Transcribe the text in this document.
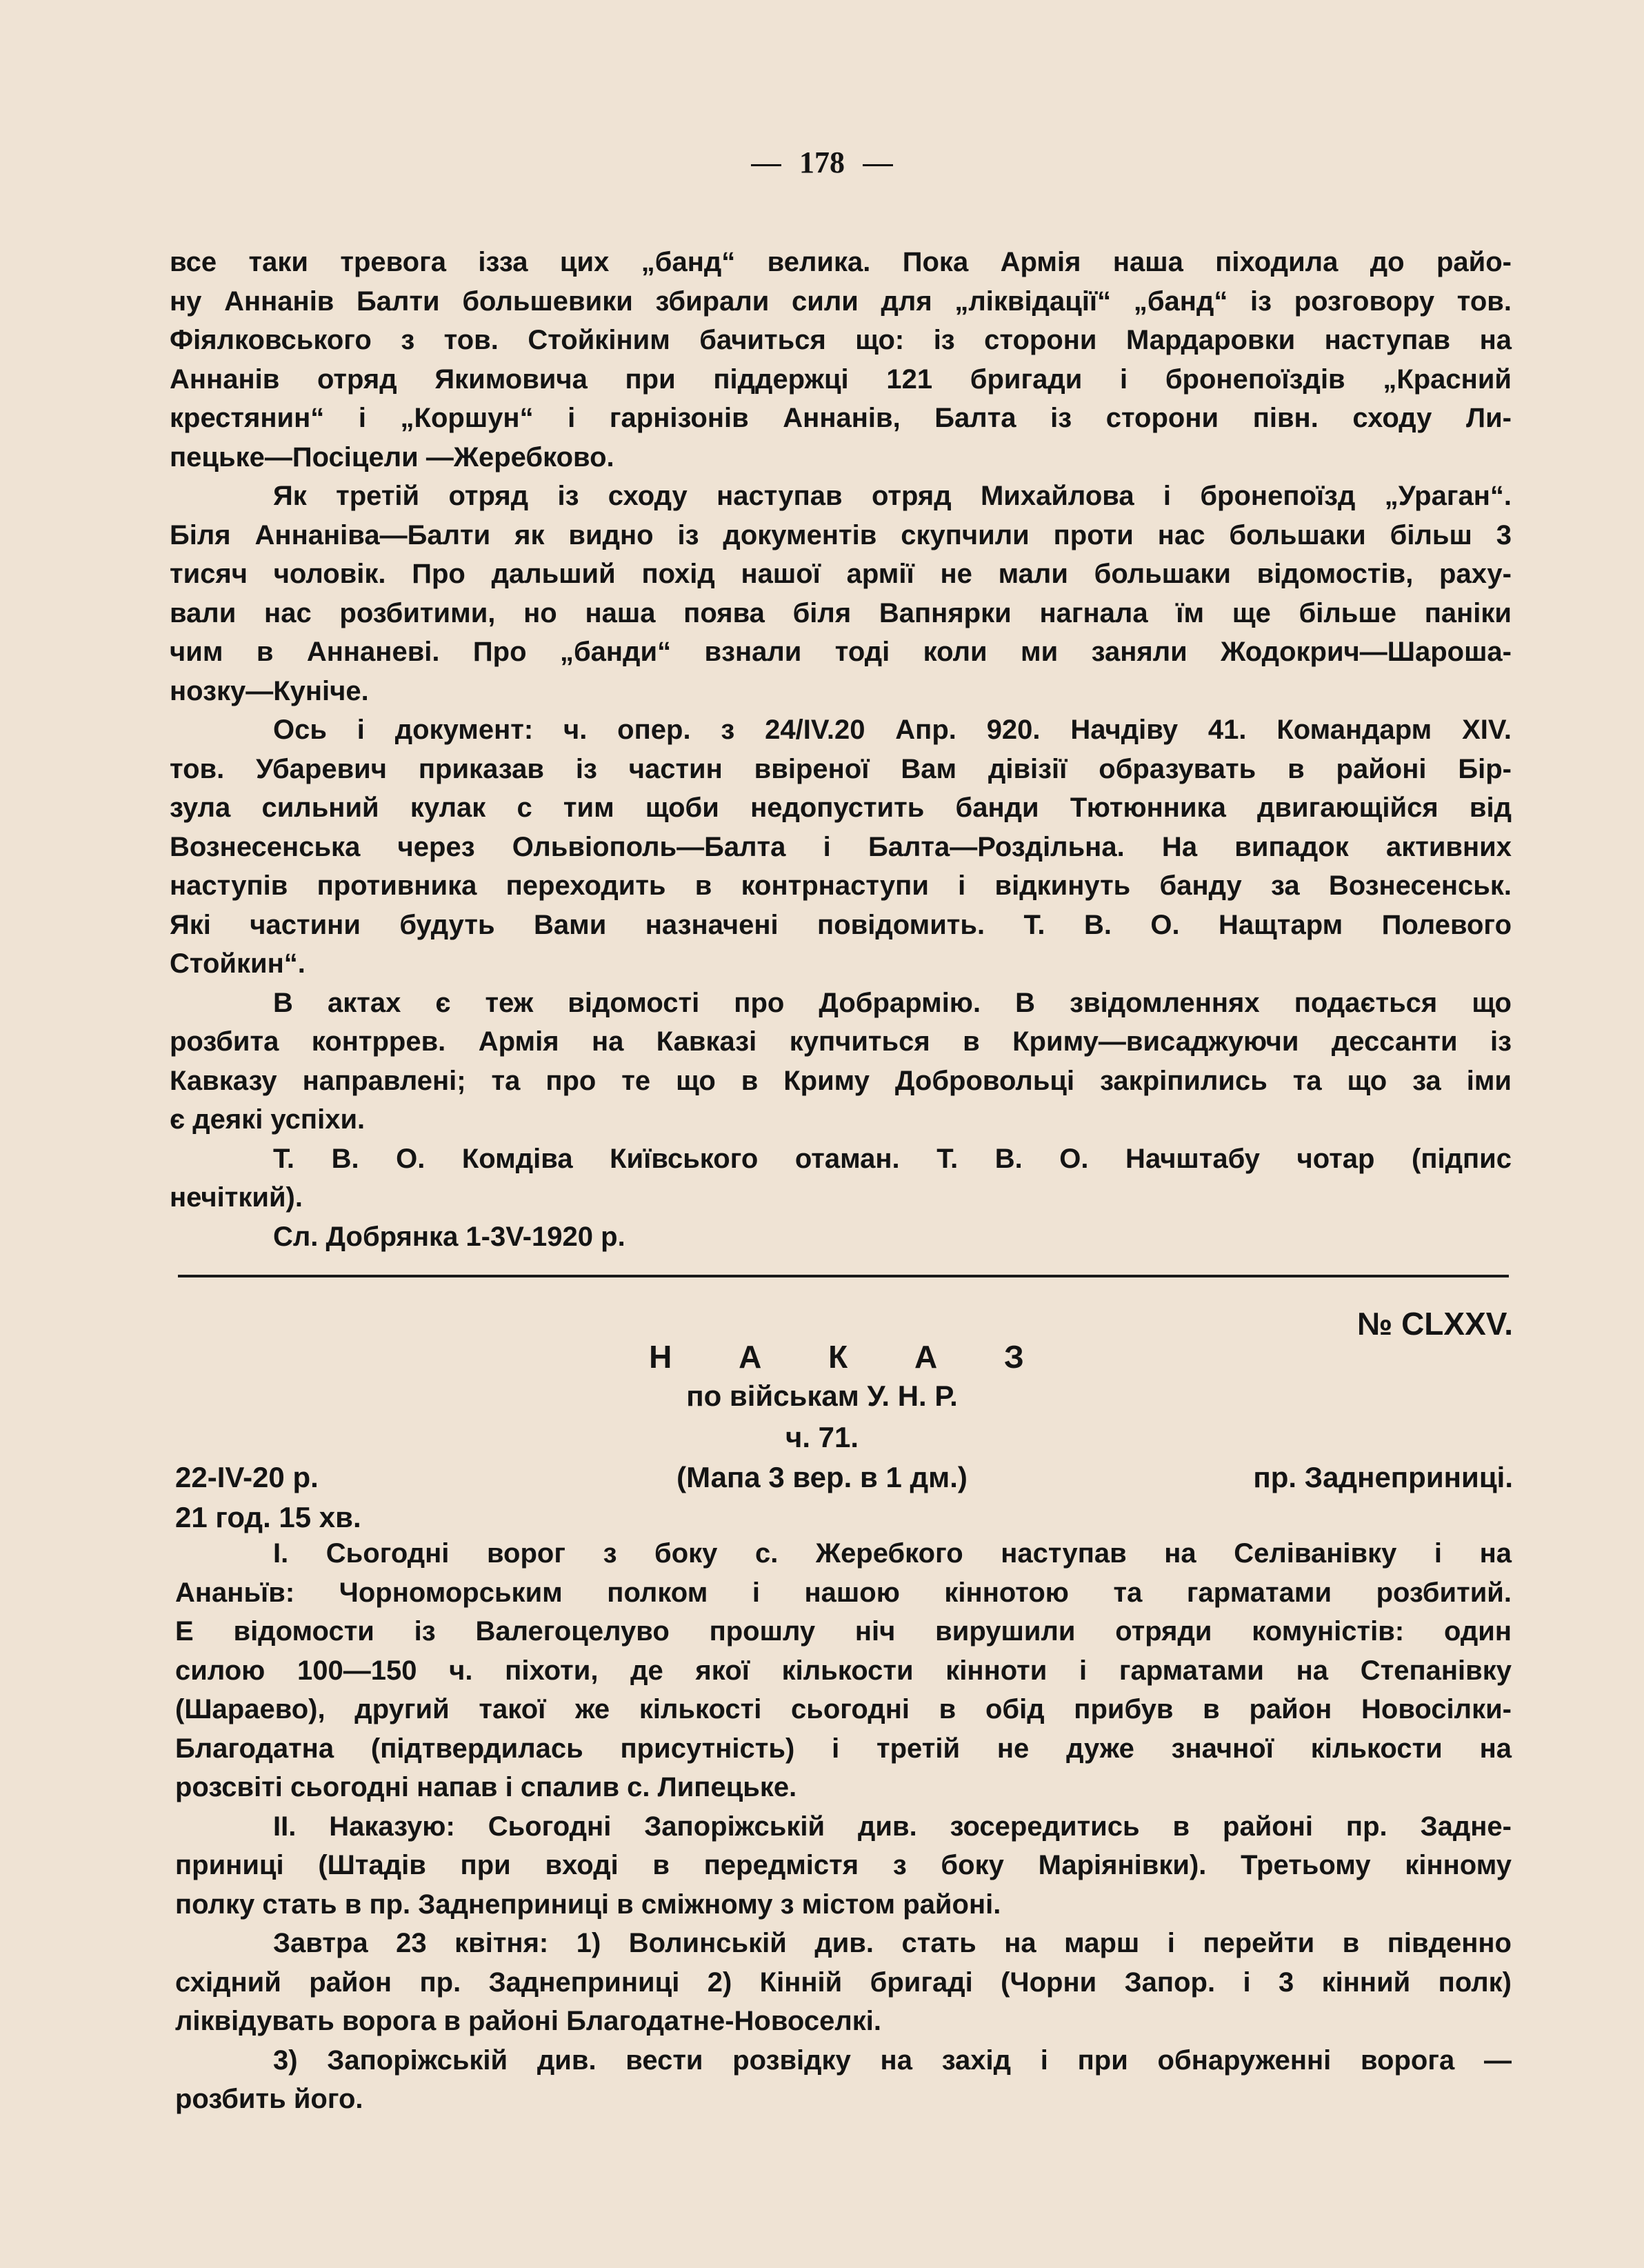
178
все таки тревога ізза цих „банд“ велика. Пока Армія наша піходила до райо-
ну Аннанів Балти большевики збирали сили для „ліквідації“ „банд“ із розговору тов.
Фіялковського з тов. Стойкіним бачиться що: із сторони Мардаровки наступав на
Аннанів отряд Якимовича при піддержці 121 бригади і бронепоїздів „Красний
крестянин“ і „Коршун“ і гарнізонів Аннанів, Балта із сторони півн. сходу Ли-
пецьке—Посіцели —Жеребково.
Як третій отряд із сходу наступав отряд Михайлова і бронепоїзд „Ураган“.
Біля Аннаніва—Балти як видно із документів скупчили проти нас большаки більш 3
тисяч чоловік. Про дальший похід нашої армії не мали большаки відомостів, раху-
вали нас розбитими, но наша поява біля Вапнярки нагнала їм ще більше паніки
чим в Аннаневі. Про „банди“ взнали тоді коли ми заняли Жодокрич—Шароша-
нозку—Куніче.
Ось і документ: ч. опер. з 24/IV.20 Апр. 920. Начдіву 41. Командарм XIV.
тов. Убаревич приказав із частин ввіреної Вам дівізії образувать в районі Бір-
зула сильний кулак с тим щоби недопустить банди Тютюнника двигающійся від
Вознесенська через Ольвіополь—Балта і Балта—Роздільна. На випадок активних
наступів противника переходить в контрнаступи і відкинуть банду за Вознесенськ.
Які частини будуть Вами назначені повідомить. Т. В. О. Нащтарм Полевого
Стойкин“.
В актах є теж відомості про Добрармію. В звідомленнях подається що
розбита контррев. Армія на Кавказі купчиться в Криму—висаджуючи дессанти із
Кавказу направлені; та про те що в Криму Добровольці закріпились та що за іми
є деякі успіхи.
Т. В. О. Комдіва Київського отаман. Т. В. О. Начштабу чотар (підпис
нечіткий).
Сл. Добрянка 1-3V-1920 р.
№ CLXXV.
Н А К А З
по військам У. Н. Р.
ч. 71.
22-IV-20 р.	(Мапа 3 вер. в 1 дм.)	пр. Заднеприниці.
21 год. 15 хв.
І. Сьогодні ворог з боку с. Жеребкого наступав на Селіванівку і на
Ананьїв: Чорноморським полком і нашою кіннотою та гарматами розбитий.
Е відомости із Валегоцелуво прошлу ніч вирушили отряди комуністів: один
силою 100—150 ч. піхоти, де якої кількости кінноти і гарматами на Степанівку
(Шараево), другий такої же кількості сьогодні в обід прибув в район Новосілки-
Благодатна (підтвердилась присутність) і третій не дуже значної кількости на
розсвіті сьогодні напав і спалив с. Липецьке.
ІІ. Наказую: Сьогодні Запоріжській див. зосередитись в районі пр. Задне-
приниці (Штадів при вході в передмістя з боку Маріянівки). Третьому кінному
полку стать в пр. Заднеприниці в сміжному з містом районі.
Завтра 23 квітня: 1) Волинській див. стать на марш і перейти в південно
східний район пр. Заднеприниці 2) Кінній бригаді (Чорни Запор. і 3 кінний полк)
ліквідувать ворога в районі Благодатне-Новоселкі.
3) Запоріжській див. вести розвідку на захід і при обнаруженні ворога —
розбить його.
